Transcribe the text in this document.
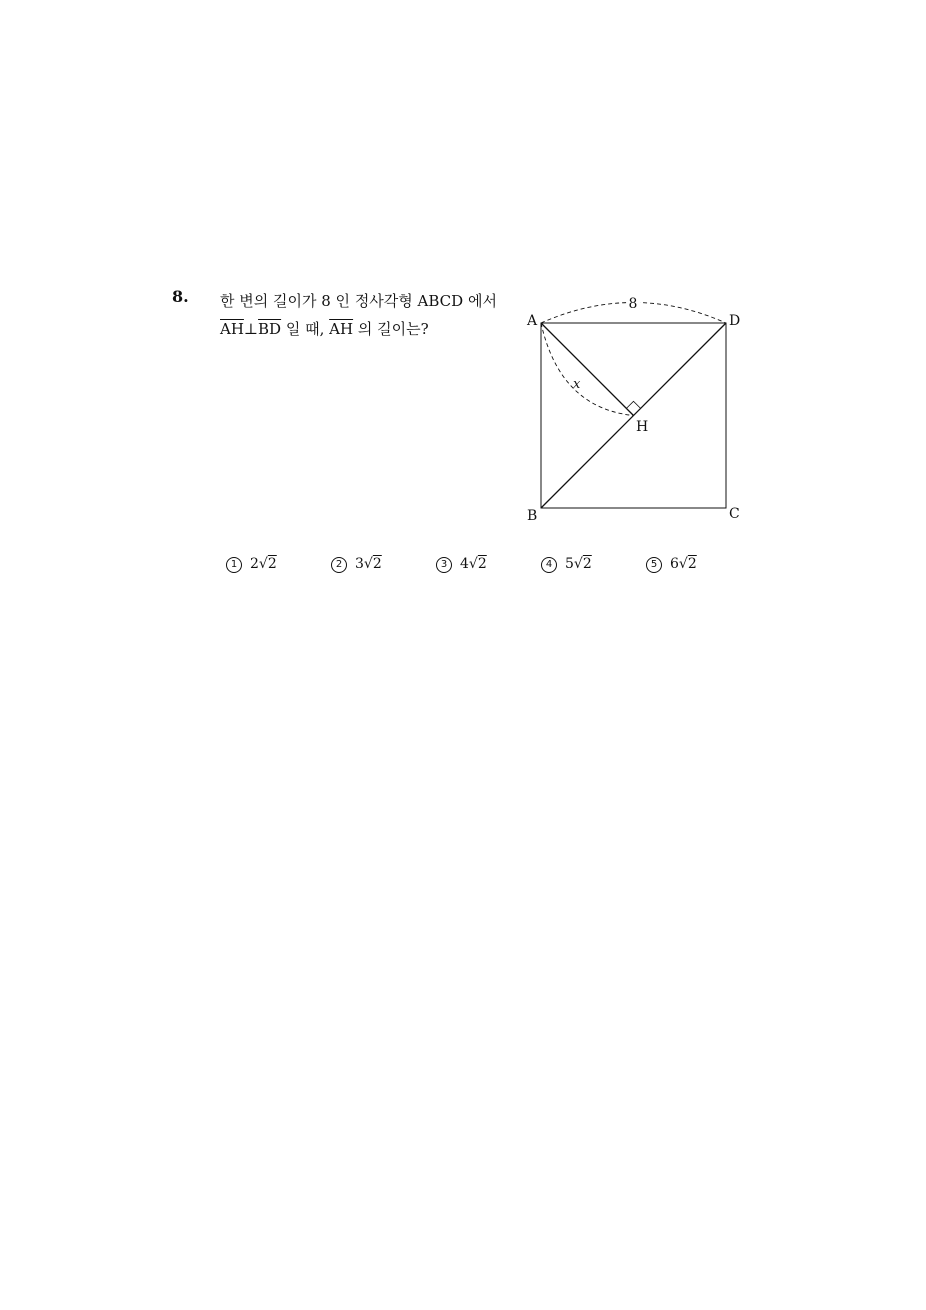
8. 한 변의 길이가 8 인 정사각형 ABCD 에서
$\overline{AH}\perp\overline{BD}$ 일 때, $\overline{AH}$ 의 길이는?	A	D
B	C
H
8
x
1 2√2	2 3√2	3 4√2	4 5√2	5 6√2
